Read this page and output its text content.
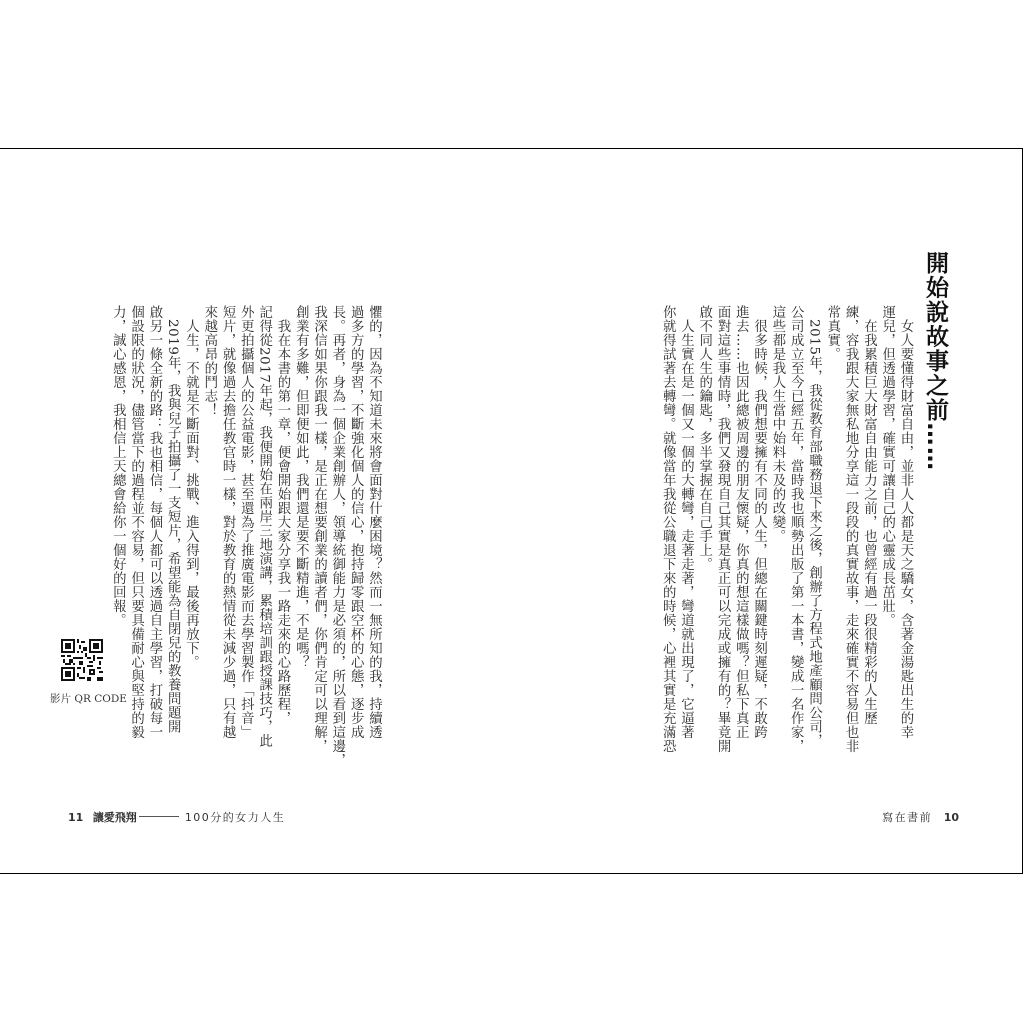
開始說故事之前……
　女人要懂得財富自由，並非人人都是天之驕女，含著金湯匙出生的幸
運兒，但透過學習，確實可讓自己的心靈成長茁壯。
　在我累積巨大財富自由能力之前，也曾經有過一段很精彩的人生歷
練，容我跟大家無私地分享這一段段的真實故事，走來確實不容易但也非
常真實。
　2015年，我從教育部職務退下來之後，創辦了方程式地產顧問公司，
公司成立至今已經五年，當時我也順勢出版了第一本書，變成一名作家，
這些都是我人生當中始料未及的改變。
　很多時候，我們想要擁有不同的人生，但總在關鍵時刻遲疑，不敢跨
進去……也因此總被周邊的朋友懷疑，你真的想這樣做嗎？但私下真正
面對這些事情時，我們又發現自己其實是真正可以完成或擁有的？畢竟開
啟不同人生的鑰匙，多半掌握在自己手上。
　人生實在是一個又一個的大轉彎，走著走著，彎道就出現了，它逼著
你就得試著去轉彎。就像當年我從公職退下來的時候，心裡其實是充滿恐
寫在書前 10
懼的，因為不知道未來將會面對什麼困境？然而一無所知的我，持續透
過多方的學習，不斷強化個人的信心，抱持歸零跟空杯的心態，逐步成
長。再者，身為一個企業創辦人，領導統御能力是必須的，所以看到這邊，
我深信如果你跟我一樣，是正在想要創業的讀者們，你們肯定可以理解，
創業有多難，但即便如此，我們還是要不斷精進，不是嗎？
　我在本書的第一章，便會開始跟大家分享我一路走來的心路歷程，
記得從2017年起，我便開始在兩岸三地演講，累積培訓跟授課技巧，此
外更拍攝個人的公益電影，甚至還為了推廣電影而去學習製作「抖音」
短片，就像過去擔任教官時一樣，對於教育的熱情從未減少過，只有越
來越高昂的鬥志！
　人生，不就是不斷面對、挑戰、進入得到，最後再放下。
　2019年，我與兒子拍攝了一支短片，希望能為自閉兒的教養問題開
啟另一條全新的路：我也相信，每個人都可以透過自主學習，打破每一
個設限的狀況，儘管當下的過程並不容易，但只要具備耐心與堅持的毅
力，誠心感恩，我相信上天總會給你一個好的回報。
影片 QR CODE
11 讓愛飛翔	100分的女力人生
